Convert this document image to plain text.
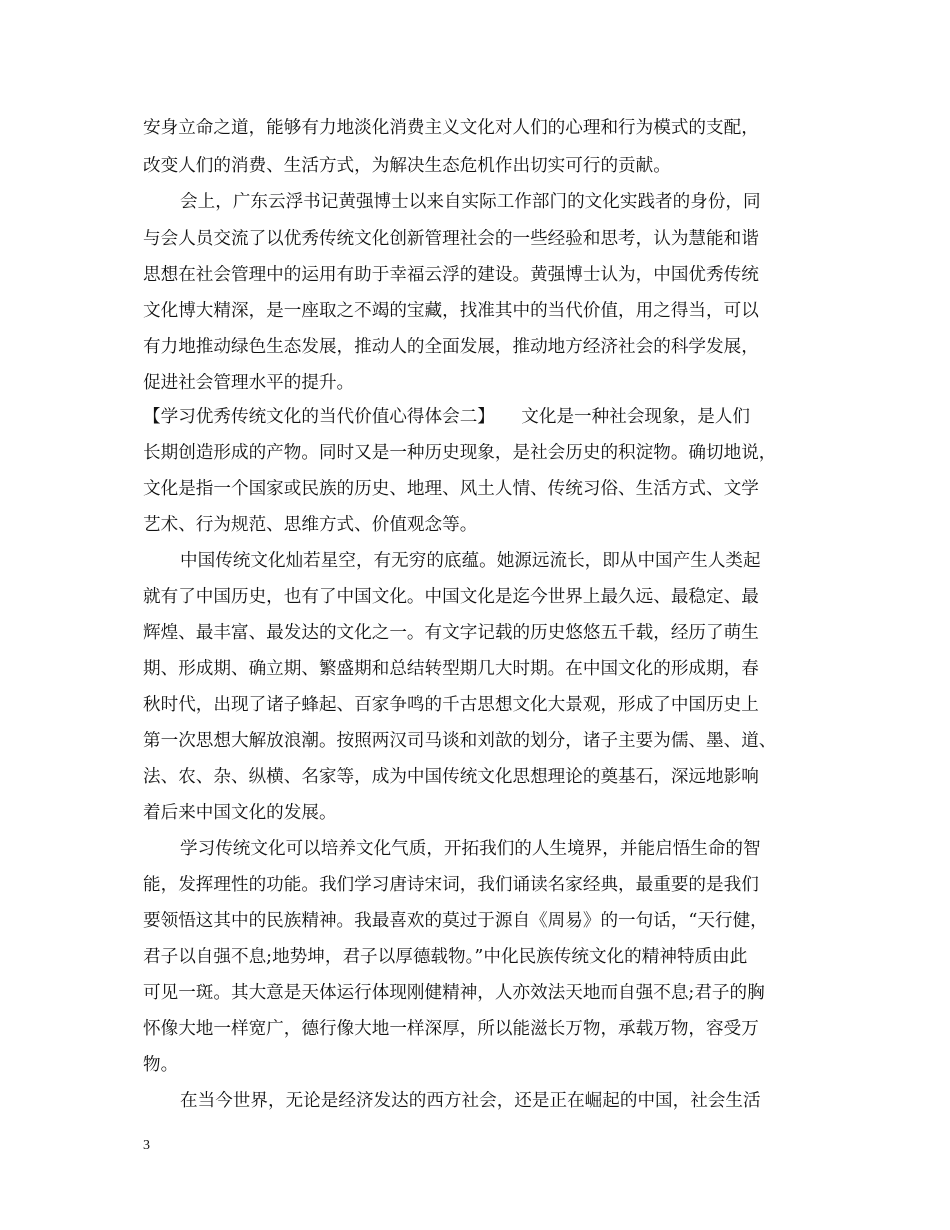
安身立命之道，能够有力地淡化消费主义文化对人们的心理和行为模式的支配，
改变人们的消费、生活方式，为解决生态危机作出切实可行的贡献。
会上，广东云浮书记黄强博士以来自实际工作部门的文化实践者的身份，同
与会人员交流了以优秀传统文化创新管理社会的一些经验和思考，认为慧能和谐
思想在社会管理中的运用有助于幸福云浮的建设。黄强博士认为，中国优秀传统
文化博大精深，是一座取之不竭的宝藏，找准其中的当代价值，用之得当，可以
有力地推动绿色生态发展，推动人的全面发展，推动地方经济社会的科学发展，
促进社会管理水平的提升。
【学习优秀传统文化的当代价值心得体会二】　　文化是一种社会现象，是人们
长期创造形成的产物。同时又是一种历史现象，是社会历史的积淀物。确切地说，
文化是指一个国家或民族的历史、地理、风土人情、传统习俗、生活方式、文学
艺术、行为规范、思维方式、价值观念等。
中国传统文化灿若星空，有无穷的底蕴。她源远流长，即从中国产生人类起
就有了中国历史，也有了中国文化。中国文化是迄今世界上最久远、最稳定、最
辉煌、最丰富、最发达的文化之一。有文字记载的历史悠悠五千载，经历了萌生
期、形成期、确立期、繁盛期和总结转型期几大时期。在中国文化的形成期，春
秋时代，出现了诸子蜂起、百家争鸣的千古思想文化大景观，形成了中国历史上
第一次思想大解放浪潮。按照两汉司马谈和刘歆的划分，诸子主要为儒、墨、道、
法、农、杂、纵横、名家等，成为中国传统文化思想理论的奠基石，深远地影响
着后来中国文化的发展。
学习传统文化可以培养文化气质，开拓我们的人生境界，并能启悟生命的智
能，发挥理性的功能。我们学习唐诗宋词，我们诵读名家经典，最重要的是我们
要领悟这其中的民族精神。我最喜欢的莫过于源自《周易》的一句话，“天行健，
君子以自强不息;地势坤，君子以厚德载物。”中化民族传统文化的精神特质由此
可见一斑。其大意是天体运行体现刚健精神，人亦效法天地而自强不息;君子的胸
怀像大地一样宽广，德行像大地一样深厚，所以能滋长万物，承载万物，容受万
物。
在当今世界，无论是经济发达的西方社会，还是正在崛起的中国，社会生活
3
